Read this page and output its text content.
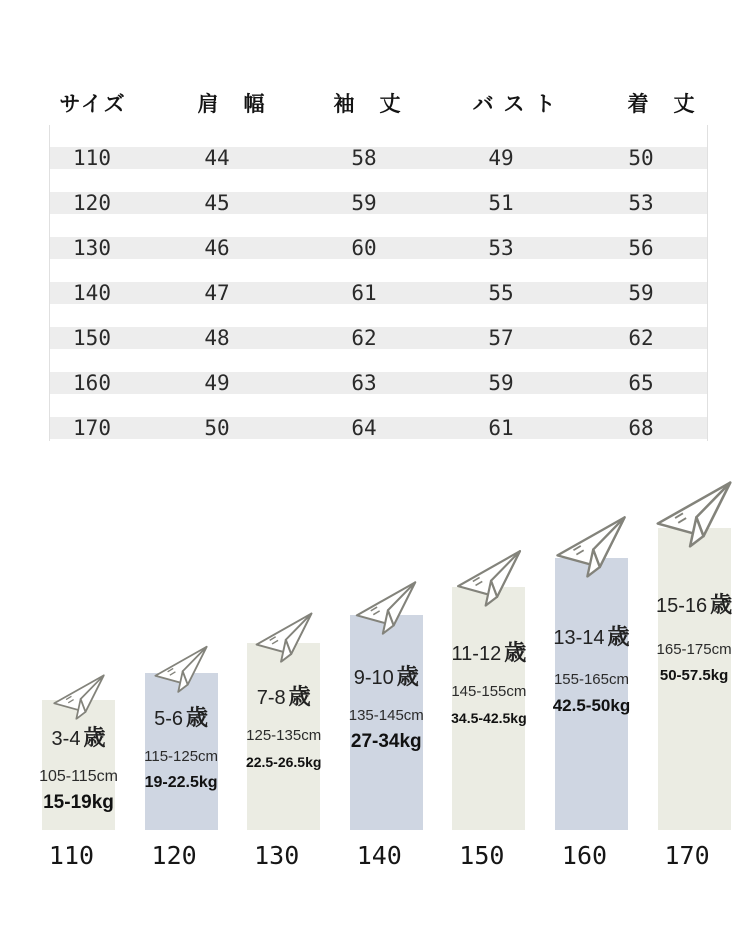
サイズ	肩　幅	袖　丈	バ ス ト	着　丈
110	44	58	49	50
120	45	59	51	53
130	46	60	53	56
140	47	61	55	59
150	48	62	57	62
160	49	63	59	65
170	50	64	61	68
3-4 歳
105-115cm
15-19kg
5-6 歳
115-125cm
19-22.5kg
7-8 歳
125-135cm
22.5-26.5kg
9-10 歳
135-145cm
27-34kg
11-12 歳
145-155cm
34.5-42.5kg
13-14 歳
155-165cm
42.5-50kg
15-16 歳
165-175cm
50-57.5kg
110	120	130	140	150	160	170
